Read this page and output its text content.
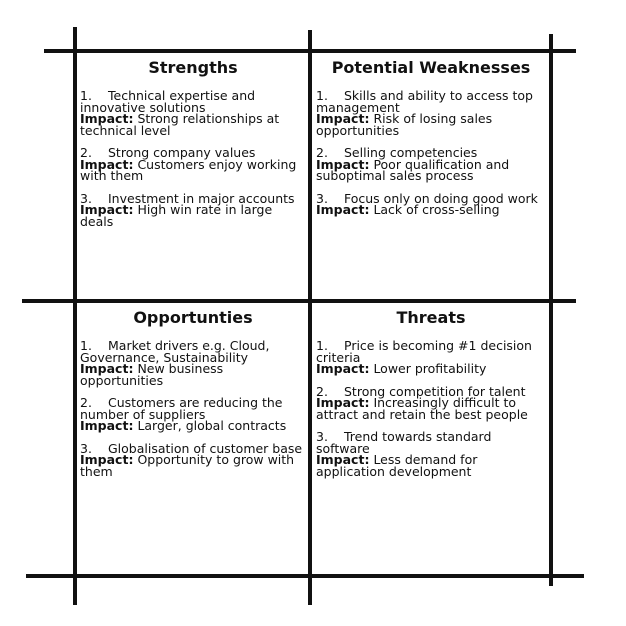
Strengths
1. Technical expertise and innovative solutions
Impact: Strong relationships at technical level
2. Strong company values
Impact: Customers enjoy working with them
3. Investment in major accounts
Impact: High win rate in large deals
Potential Weaknesses
1. Skills and ability to access top management
Impact: Risk of losing sales opportunities
2. Selling competencies
Impact: Poor qualification and suboptimal sales process
3. Focus only on doing good work
Impact: Lack of cross-selling
Opportunties
1. Market drivers e.g. Cloud, Governance, Sustainability
Impact: New business opportunities
2. Customers are reducing the number of suppliers
Impact: Larger, global contracts
3. Globalisation of customer base
Impact: Opportunity to grow with them
Threats
1. Price is becoming #1 decision criteria
Impact: Lower profitability
2. Strong competition for talent
Impact: Increasingly difficult to attract and retain the best people
3. Trend towards standard software
Impact: Less demand for application development
